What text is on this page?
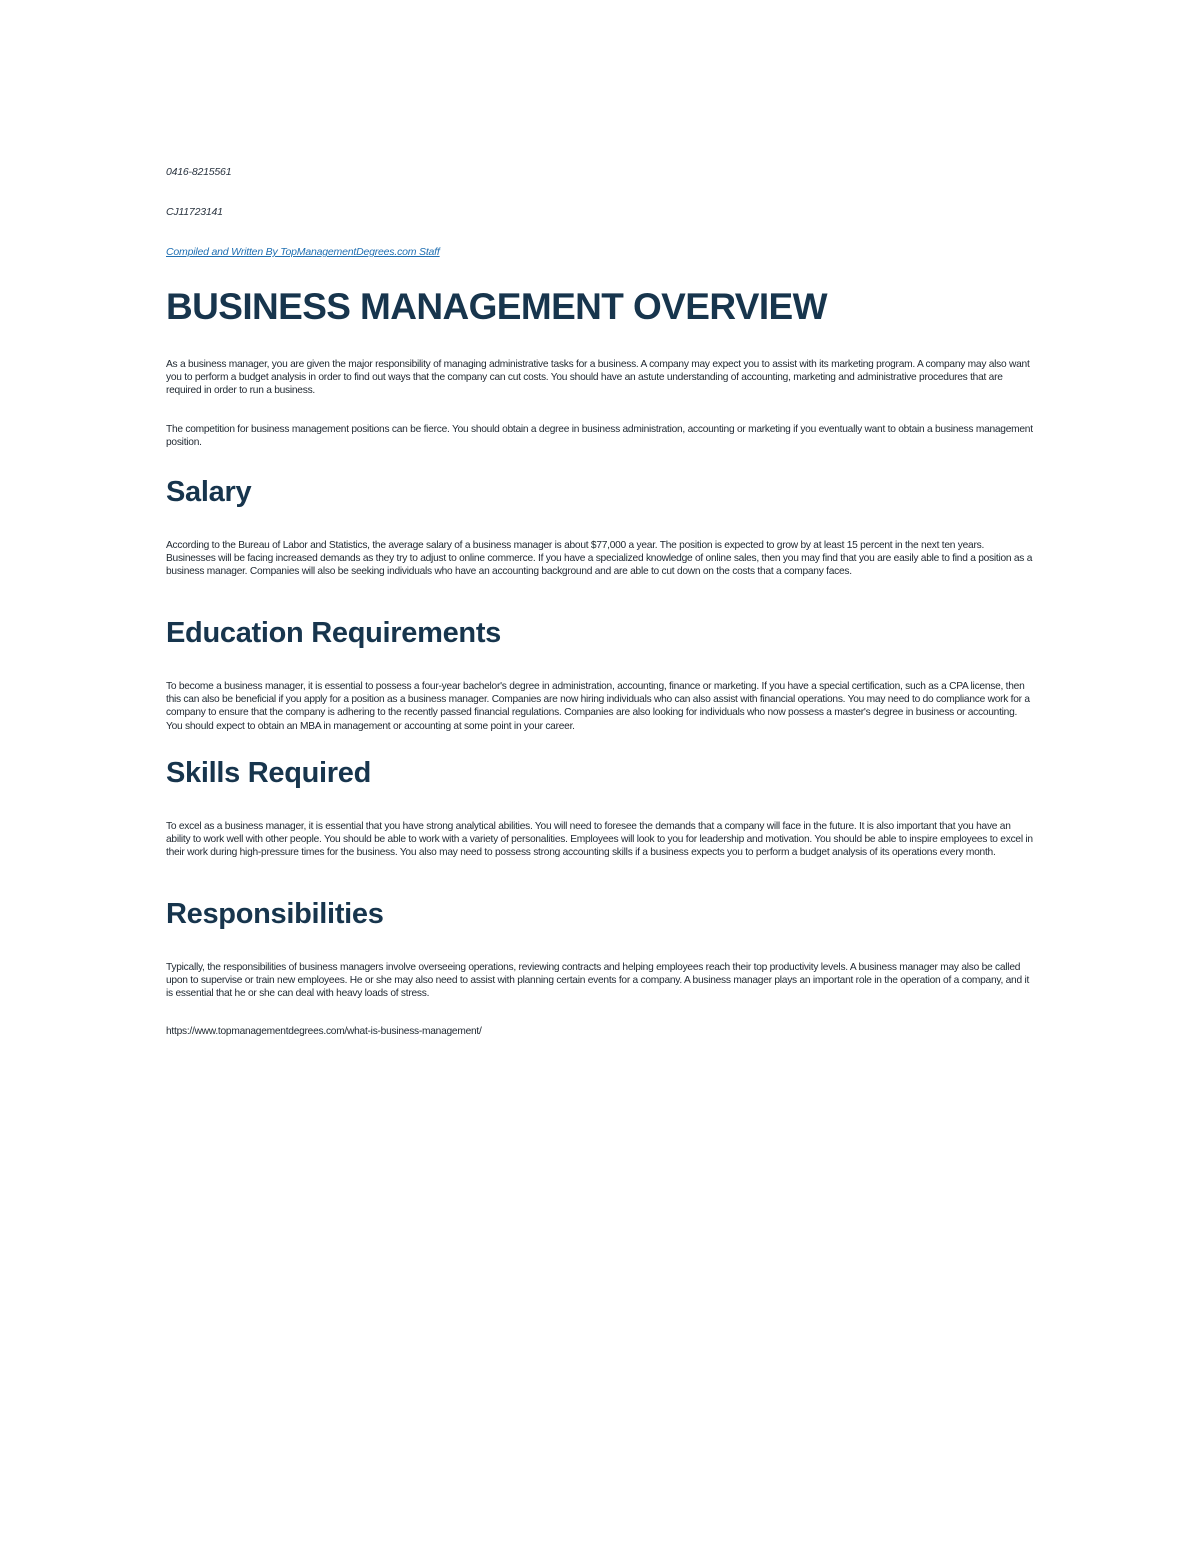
0416-8215561
CJ11723141
Compiled and Written By TopManagementDegrees.com Staff
BUSINESS MANAGEMENT OVERVIEW

As a business manager, you are given the major responsibility of managing administrative tasks for a business. A company may expect you to assist with its marketing program. A company may also want you to perform a budget analysis in order to find out ways that the company can cut costs. You should have an astute understanding of accounting, marketing and administrative procedures that are required in order to run a business.

The competition for business management positions can be fierce. You should obtain a degree in business administration, accounting or marketing if you eventually want to obtain a business management position.

Salary

According to the Bureau of Labor and Statistics, the average salary of a business manager is about $77,000 a year. The position is expected to grow by at least 15 percent in the next ten years. Businesses will be facing increased demands as they try to adjust to online commerce. If you have a specialized knowledge of online sales, then you may find that you are easily able to find a position as a business manager. Companies will also be seeking individuals who have an accounting background and are able to cut down on the costs that a company faces.

Education Requirements

To become a business manager, it is essential to possess a four-year bachelor's degree in administration, accounting, finance or marketing. If you have a special certification, such as a CPA license, then this can also be beneficial if you apply for a position as a business manager. Companies are now hiring individuals who can also assist with financial operations. You may need to do compliance work for a company to ensure that the company is adhering to the recently passed financial regulations. Companies are also looking for individuals who now possess a master's degree in business or accounting. You should expect to obtain an MBA in management or accounting at some point in your career.

Skills Required

To excel as a business manager, it is essential that you have strong analytical abilities. You will need to foresee the demands that a company will face in the future. It is also important that you have an ability to work well with other people. You should be able to work with a variety of personalities. Employees will look to you for leadership and motivation. You should be able to inspire employees to excel in their work during high-pressure times for the business. You also may need to possess strong accounting skills if a business expects you to perform a budget analysis of its operations every month.

Responsibilities

Typically, the responsibilities of business managers involve overseeing operations, reviewing contracts and helping employees reach their top productivity levels. A business manager may also be called upon to supervise or train new employees. He or she may also need to assist with planning certain events for a company. A business manager plays an important role in the operation of a company, and it is essential that he or she can deal with heavy loads of stress.

https://www.topmanagementdegrees.com/what-is-business-management/
